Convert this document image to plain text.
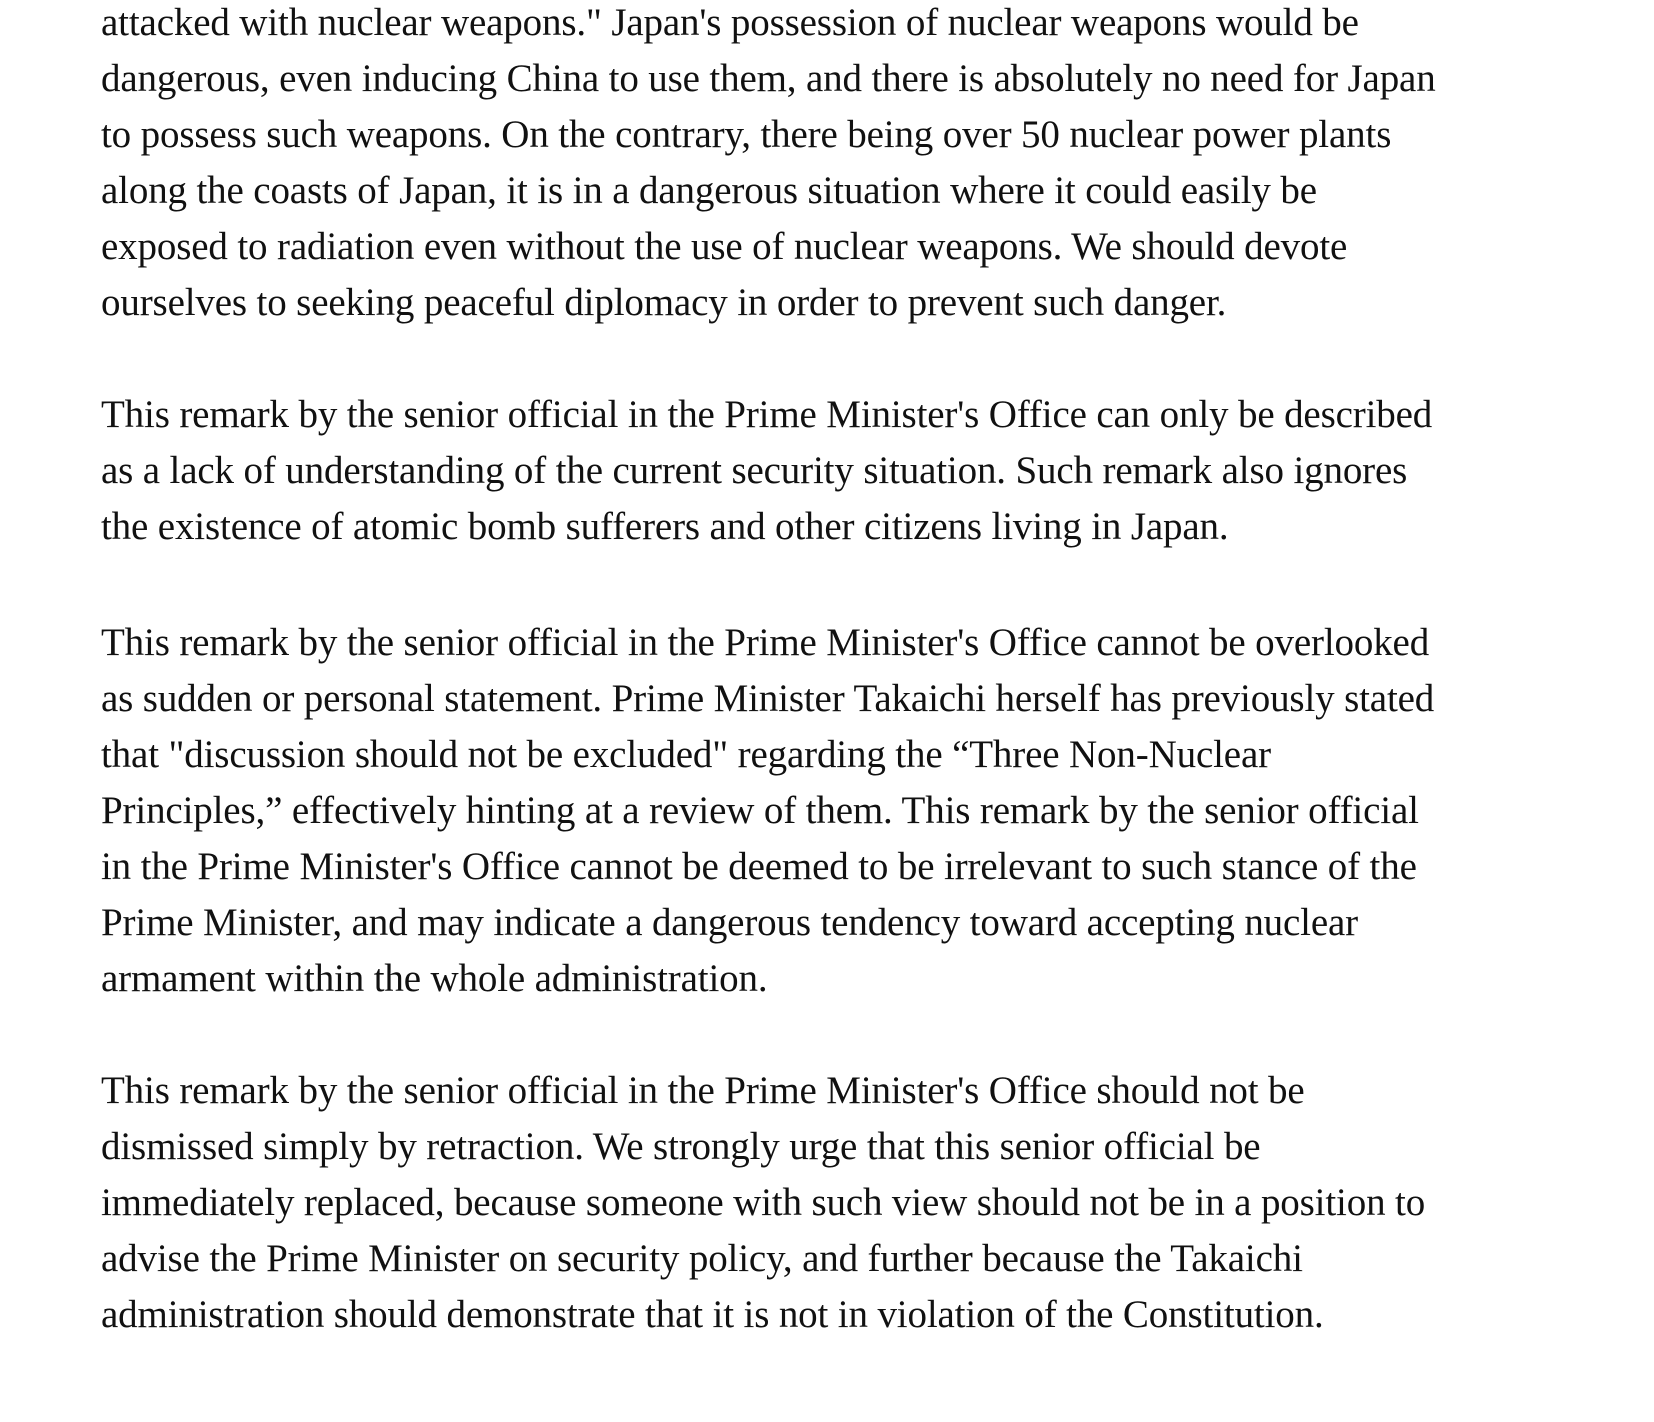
attacked with nuclear weapons." Japan's possession of nuclear weapons would be
dangerous, even inducing China to use them, and there is absolutely no need for Japan
to possess such weapons. On the contrary, there being over 50 nuclear power plants
along the coasts of Japan, it is in a dangerous situation where it could easily be
exposed to radiation even without the use of nuclear weapons. We should devote
ourselves to seeking peaceful diplomacy in order to prevent such danger.

This remark by the senior official in the Prime Minister's Office can only be described
as a lack of understanding of the current security situation. Such remark also ignores
the existence of atomic bomb sufferers and other citizens living in Japan.

This remark by the senior official in the Prime Minister's Office cannot be overlooked
as sudden or personal statement. Prime Minister Takaichi herself has previously stated
that "discussion should not be excluded" regarding the “Three Non-Nuclear
Principles,” effectively hinting at a review of them. This remark by the senior official
in the Prime Minister's Office cannot be deemed to be irrelevant to such stance of the
Prime Minister, and may indicate a dangerous tendency toward accepting nuclear
armament within the whole administration.

This remark by the senior official in the Prime Minister's Office should not be
dismissed simply by retraction. We strongly urge that this senior official be
immediately replaced, because someone with such view should not be in a position to
advise the Prime Minister on security policy, and further because the Takaichi
administration should demonstrate that it is not in violation of the Constitution.
